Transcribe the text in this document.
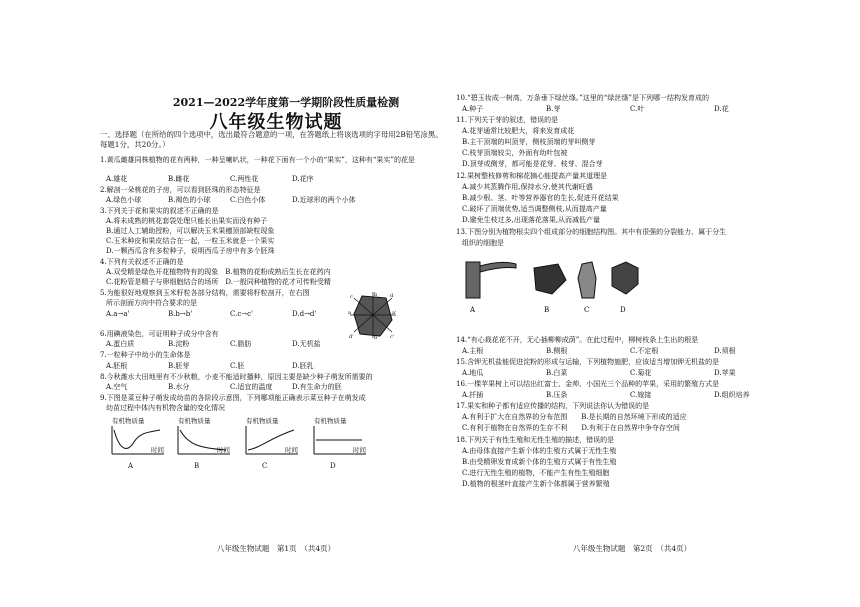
2021—2022学年度第一学期阶段性质量检测
八年级生物试题
一、选择题（在所给的四个选项中，选出最符合题意的一项，在答题纸上将该选项的字母用2B铅笔涂黑。每题1分，共20分。）
1.黄瓜雌雄同株植物的花有两种，一种呈喇叭状，一种花下面有一个小的“果实”，这种有“果实”的花是
A.雄花	B.雌花	C.两性花	D.花序
2.解剖一朵桃花的子房，可以看到胚珠的形态特征是
A.绿色小球	B.褐色的小球	C.白色小体	D.近球形的两个小体
3.下列关于花和果实的叙述不正确的是
A.将未成熟的桃花套袋处理只能长出果实而没有种子
B.通过人工辅助授粉，可以解决玉米果穗顶部缺粒现象
C.玉米种皮和果皮结合在一起，一粒玉米就是一个果实
D.一颗西瓜含有多粒种子，说明西瓜子房中有多个胚珠
4.下列有关叙述不正确的是
A.双受精是绿色开花植物特有的现象　B.植物的花粉成熟后生长在花药内
C.花粉管是精子与卵细胞结合的场所　D.一般同种植物的花才可传粉受精
5.为能很好地观察到玉米籽粒各部分结构，需要将籽粒剖开，在右图
所示剖面方向中符合要求的是
A.a→a'	B.b→b'	C.c→c'	D.d→d'	a
b
c	d
a'
b' c'
d'
6.用碘液染色，可证明种子成分中含有
A.蛋白质	B.淀粉	C.脂肪	D.无机盐
7.一粒种子中幼小的生命体是
A.胚根	B.胚芽	C.胚	D.胚乳
8.今秋潍水大田地里有不少秋粮，小麦不能适时播种，原因主要是缺少种子萌发所需要的
A.空气	B.水分	C.适宜的温度	D.有生命力的胚
9.下图是菜豆种子萌发成幼苗的各阶段示意图，下列哪项能正确表示菜豆种子在萌发成
幼苗过程中体内有机物含量的变化情况
有机物质量
时间
A
有机物质量
时间
B
有机物质量
时间
C
有机物质量
时间
D
八年级生物试题　第1页　（共4页）
10.“碧玉妆成一树高，万条垂下绿丝绦。”这里的“绿丝绦”是下列哪一结构发育成的
A.种子	B.芽	C.叶	D.花
11.下列关于芽的叙述，错误的是
A.花芽通常比较肥大，将来发育成花
B.主干顶端的叫顶芽，侧枝顶端的芽叫侧芽
C.枝芽顶端较尖，外面有幼叶包被
D.顶芽或侧芽，都可能是花芽、枝芽、混合芽
12.果树整枝修剪和棉花摘心能提高产量其道理是
A.减少其蒸腾作用,保持水分,使其代谢旺盛
B.减少根、茎、叶等营养器官的生长,促进开花结果
C.破坏了顶端优势,适当调整侧枝,从而提高产量
D.避免生枝过多,出现落花落果,从而减低产量
13.下图分别为植物根尖四个组成部分的细胞结构图。其中有很强的分裂能力、属于分生
组织的细胞是
A	B	C	D
14.“有心栽花花不开，无心插柳柳成荫”。在此过程中，柳树枝条上生出的根是
A.主根	B.侧根	C.不定根	D.须根
15.含钾无机盐能促进淀粉的形成与运输，下列植物施肥，应该适当增加钾无机盐的是
A.地瓜	B.白菜	C.菊花	D.苹果
16.一棵苹果树上可以结出红富士、金帅、小国光三个品种的苹果，采用的繁殖方式是
A.扦插	B.压条	C.嫁接	D.组织培养
17.果实和种子都有适应传播的结构，下列说法你认为错误的是
A.有利于扩大在自然界的分布范围　　B.是长期的自然环境下形成的适应
C.有利于植物在自然界的生存不利　　D.有利于在自然界中争夺存空间
18.下列关于有性生殖和无性生殖的描述，错误的是
A.由母体直接产生新个体的生殖方式属于无性生殖
B.由受精卵发育成新个体的生殖方式属于有性生殖
C.进行无性生殖的植物，不能产生有性生殖细胞
D.植物的根茎叶直接产生新个体都属于营养繁殖
八年级生物试题　第2页　（共4页）
